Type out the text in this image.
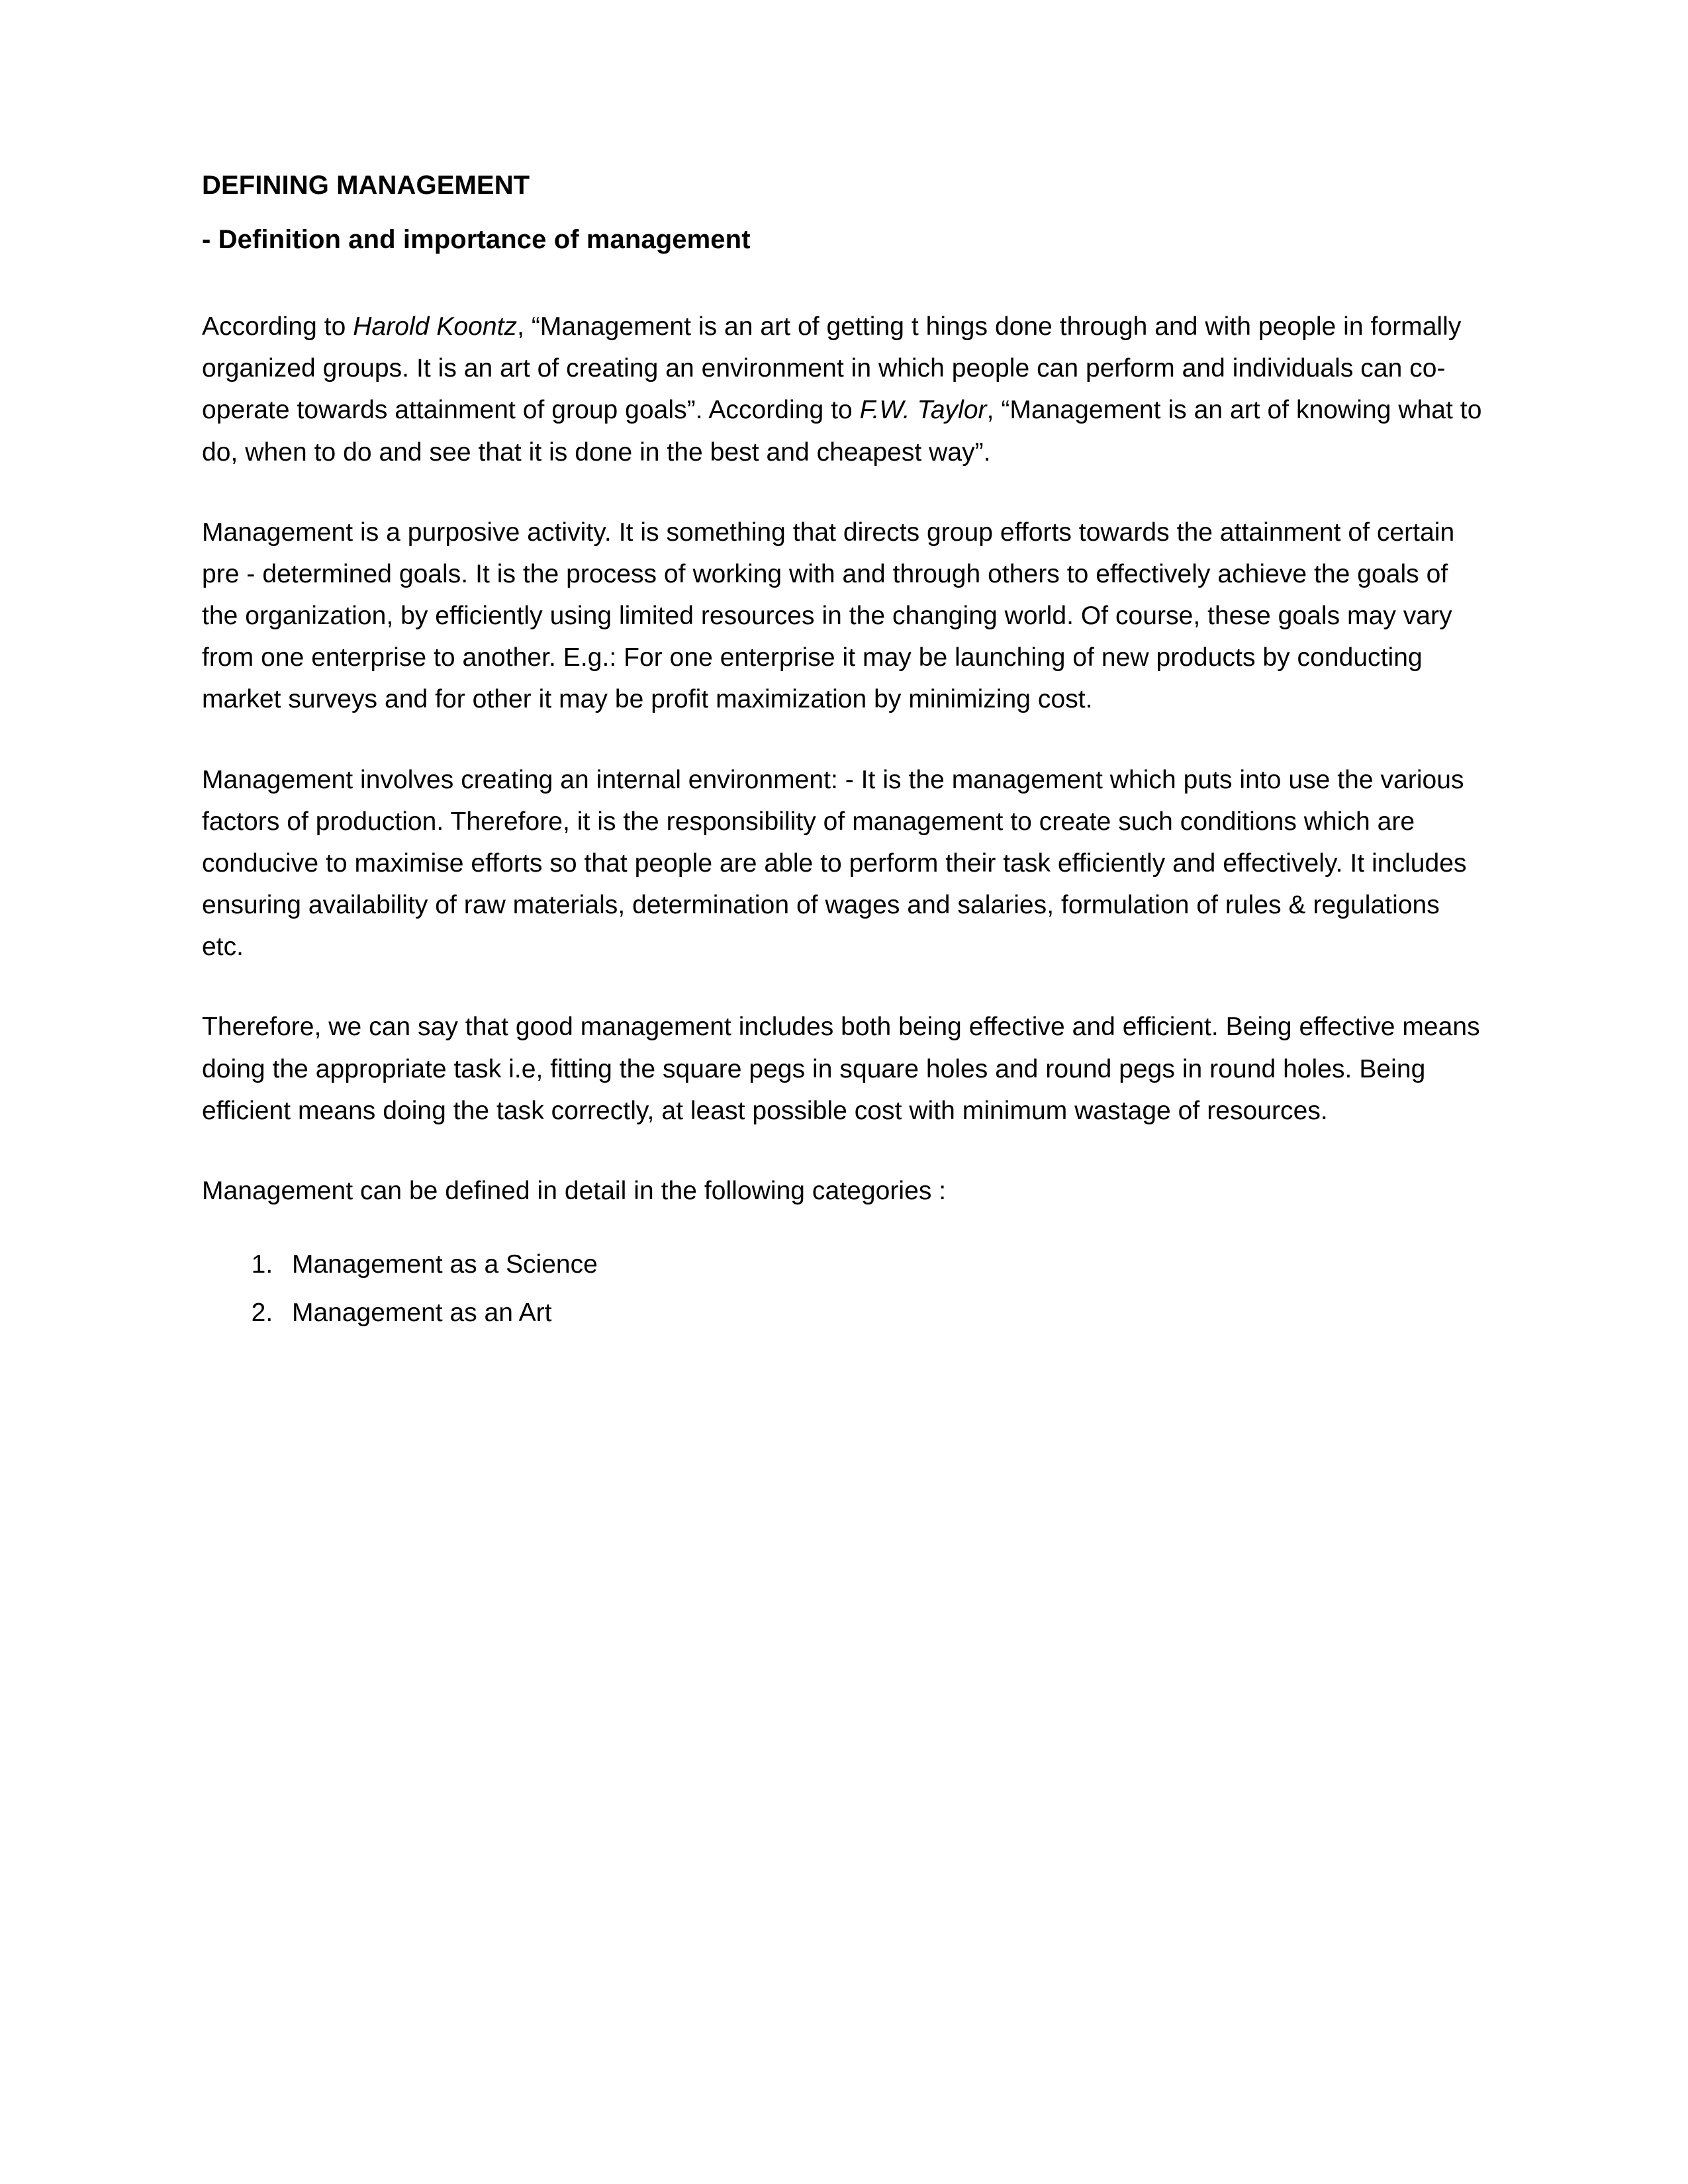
DEFINING MANAGEMENT
- Definition and importance of management

According to Harold Koontz, “Management is an art of getting t hings done through and with people in formally organized groups. It is an art of creating an environment in which people can perform and individuals can co-operate towards attainment of group goals”. According to F.W. Taylor, “Management is an art of knowing what to do, when to do and see that it is done in the best and cheapest way”.

Management is a purposive activity. It is something that directs group efforts towards the attainment of certain pre - determined goals. It is the process of working with and through others to effectively achieve the goals of the organization, by efficiently using limited resources in the changing world. Of course, these goals may vary from one enterprise to another. E.g.: For one enterprise it may be launching of new products by conducting market surveys and for other it may be profit maximization by minimizing cost.

Management involves creating an internal environment: - It is the management which puts into use the various factors of production. Therefore, it is the responsibility of management to create such conditions which are conducive to maximise efforts so that people are able to perform their task efficiently and effectively. It includes ensuring availability of raw materials, determination of wages and salaries, formulation of rules & regulations etc.

Therefore, we can say that good management includes both being effective and efficient. Being effective means doing the appropriate task i.e, fitting the square pegs in square holes and round pegs in round holes. Being efficient means doing the task correctly, at least possible cost with minimum wastage of resources.

Management can be defined in detail in the following categories :

1. Management as a Science
2. Management as an Art
